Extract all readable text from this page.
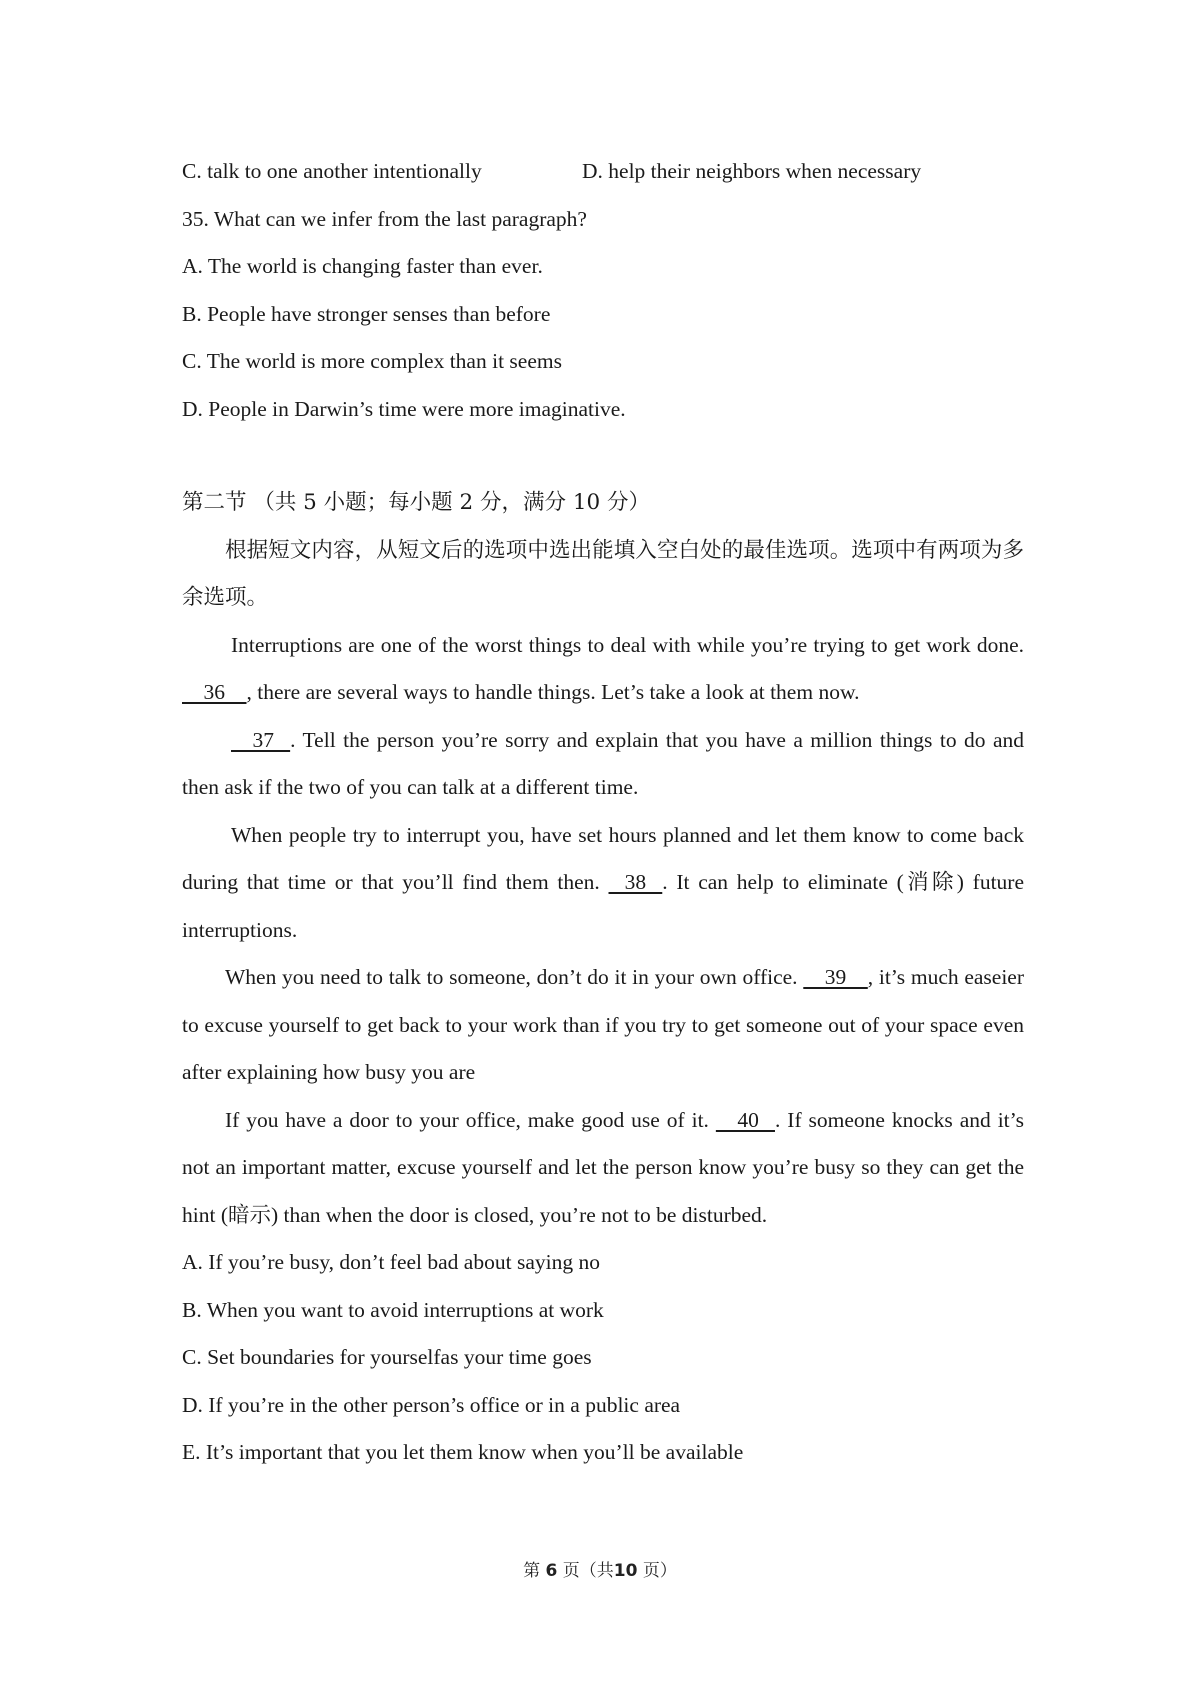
C. talk to one another intentionally	D. help their neighbors when necessary
35. What can we infer from the last paragraph?
A. The world is changing faster than ever.
B. People have stronger senses than before
C. The world is more complex than it seems
D. People in Darwin’s time were more imaginative.
第二节 （共 5 小题；每小题 2 分，满分 10 分）
根据短文内容，从短文后的选项中选出能填入空白处的最佳选项。选项中有两项为多余选项。
Interruptions are one of the worst things to deal with while you’re trying to get work done.     36    , there are several ways to handle things. Let’s take a look at them now.
37   . Tell the person you’re sorry and explain that you have a million things to do and then ask if the two of you can talk at a different time.
When people try to interrupt you, have set hours planned and let them know to come back during that time or that you’ll find them then.    38   . It can help to eliminate (消除) future interruptions.
When you need to talk to someone, don’t do it in your own office.     39    , it’s much easeier to excuse yourself to get back to your work than if you try to get someone out of your space even after explaining how busy you are
If you have a door to your office, make good use of it.     40   . If someone knocks and it’s not an important matter, excuse yourself and let the person know you’re busy so they can get the hint (暗示) than when the door is closed, you’re not to be disturbed.
A. If you’re busy, don’t feel bad about saying no
B. When you want to avoid interruptions at work
C. Set boundaries for yourselfas your time goes
D. If you’re in the other person’s office or in a public area
E. It’s important that you let them know when you’ll be available
第 6 页（共10 页）
